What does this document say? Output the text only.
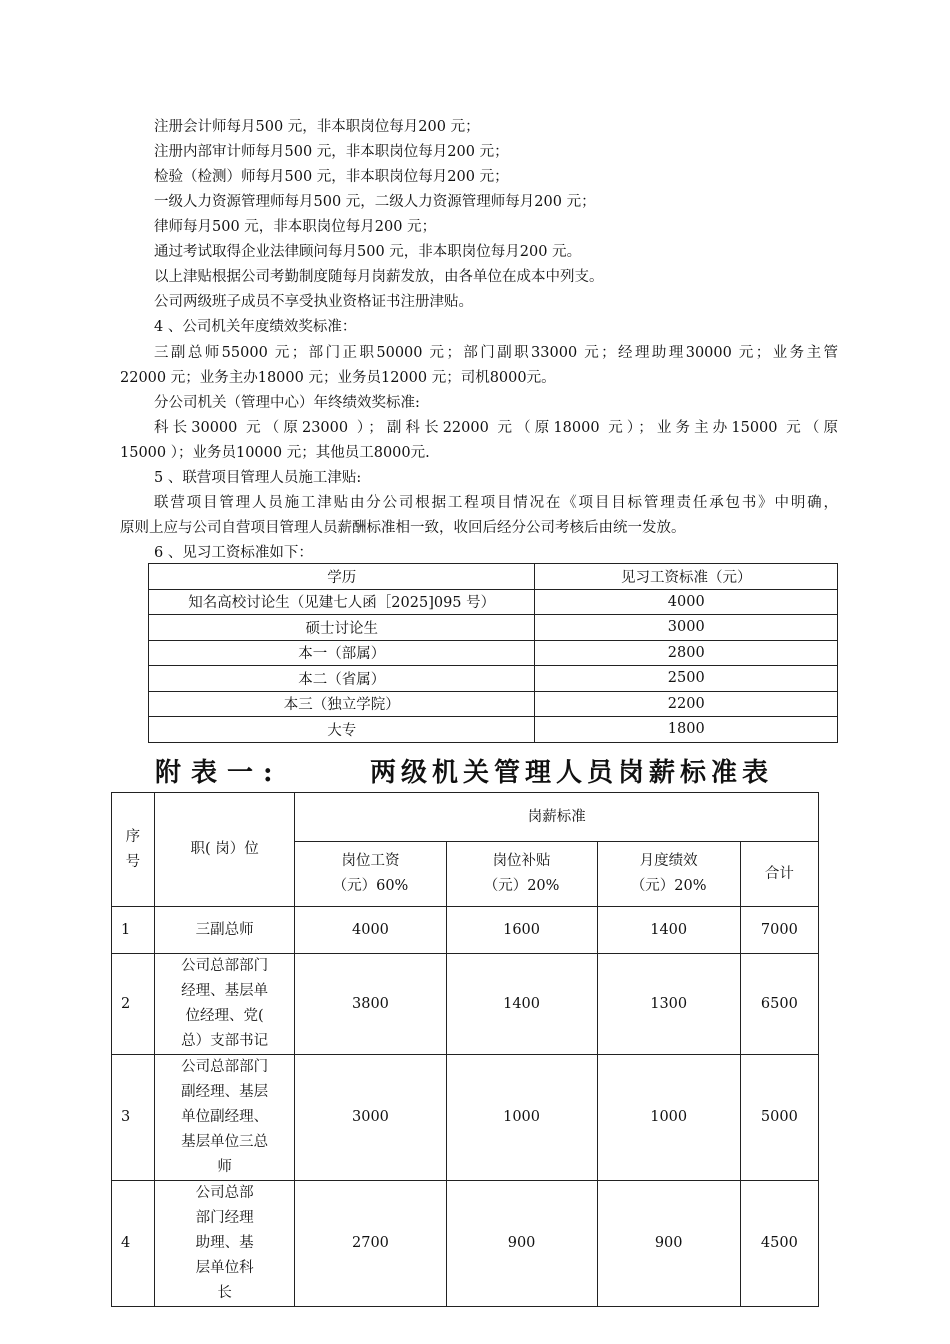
注册会计师每月500 元，非本职岗位每月200 元；
注册内部审计师每月500 元，非本职岗位每月200 元；
检验（检测）师每月500 元，非本职岗位每月200 元；
一级人力资源管理师每月500 元，二级人力资源管理师每月200 元；
律师每月500 元，非本职岗位每月200 元；
通过考试取得企业法律顾问每月500 元，非本职岗位每月200 元。
以上津贴根据公司考勤制度随每月岗薪发放，由各单位在成本中列支。
公司两级班子成员不享受执业资格证书注册津贴。
4 、公司机关年度绩效奖标准：
三副总师55000 元；部门正职50000 元；部门副职33000 元；经理助理30000 元；业务主管
22000 元；业务主办18000 元；业务员12000 元；司机8000元。
分公司机关（管理中心）年终绩效奖标准:
科长30000 元（原23000 ）；副科长22000 元（原18000 元）；业务主办15000 元（原
15000 ）；业务员10000 元；其他员工8000元.
5 、联营项目管理人员施工津贴:
联营项目管理人员施工津贴由分公司根据工程项目情况在《项目目标管理责任承包书》中明确，
原则上应与公司自营项目管理人员薪酬标准相一致，收回后经分公司考核后由统一发放。
6 、见习工资标准如下：
学历	见习工资标准（元）
知名高校讨论生（见建七人函［2025]095 号）	4000
硕士讨论生	3000
本一（部属）	2800
本二（省属）	2500
本三（独立学院）	2200
大专	1800
附表一:	两级机关管理人员岗薪标准表
序号	职( 岗）位	岗薪标准			
		岗位工资（元）60%	岗位补贴（元）20%	月度绩效（元）20%	合计
1	三副总师	4000	1600	1400	7000
2	公司总部部门经理、基层单位经理、党( 总）支部书记	3800	1400	1300	6500
3	公司总部部门副经理、基层单位副经理、基层单位三总师	3000	1000	1000	5000
4	公司总部部门经理助理、基层单位科长	2700	900	900	4500
